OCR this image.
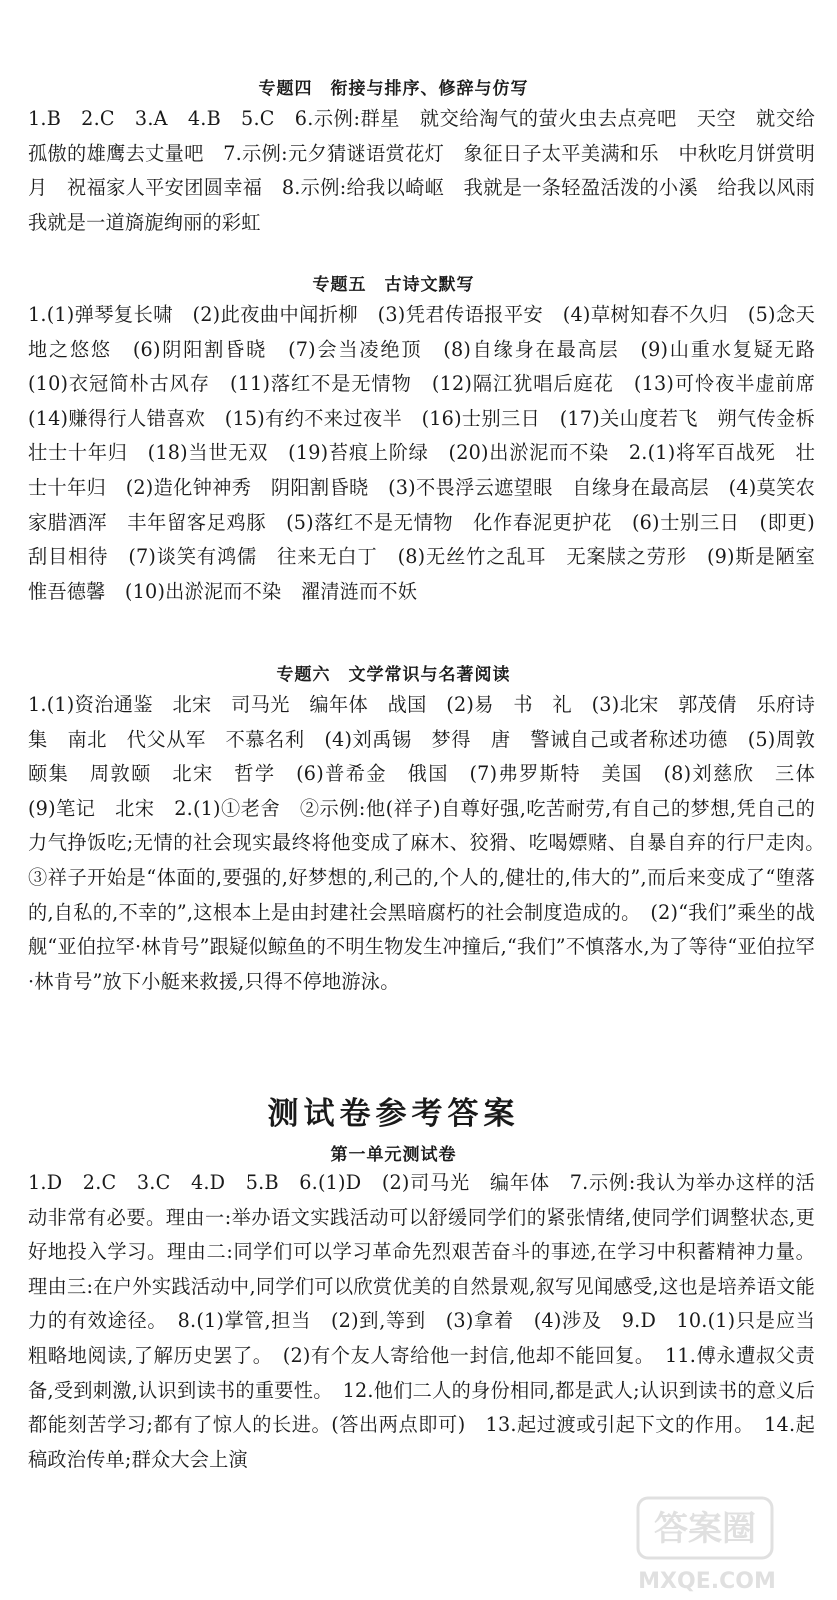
专题四　衔接与排序、修辞与仿写

1.B　2.C　3.A　4.B　5.C　6.示例:群星　就交给淘气的萤火虫去点亮吧　天空　就交给孤傲的雄鹰去丈量吧　7.示例:元夕猜谜语赏花灯　象征日子太平美满和乐　中秋吃月饼赏明月　祝福家人平安团圆幸福　8.示例:给我以崎岖　我就是一条轻盈活泼的小溪　给我以风雨　我就是一道旖旎绚丽的彩虹

专题五　古诗文默写

1.(1)弹琴复长啸　(2)此夜曲中闻折柳　(3)凭君传语报平安　(4)草树知春不久归　(5)念天地之悠悠　(6)阴阳割昏晓　(7)会当凌绝顶　(8)自缘身在最高层　(9)山重水复疑无路　(10)衣冠简朴古风存　(11)落红不是无情物　(12)隔江犹唱后庭花　(13)可怜夜半虚前席　(14)赚得行人错喜欢　(15)有约不来过夜半　(16)士别三日　(17)关山度若飞　朔气传金柝　壮士十年归　(18)当世无双　(19)苔痕上阶绿　(20)出淤泥而不染　2.(1)将军百战死　壮士十年归　(2)造化钟神秀　阴阳割昏晓　(3)不畏浮云遮望眼　自缘身在最高层　(4)莫笑农家腊酒浑　丰年留客足鸡豚　(5)落红不是无情物　化作春泥更护花　(6)士别三日　(即更)刮目相待　(7)谈笑有鸿儒　往来无白丁　(8)无丝竹之乱耳　无案牍之劳形　(9)斯是陋室　惟吾德馨　(10)出淤泥而不染　濯清涟而不妖

专题六　文学常识与名著阅读

1.(1)资治通鉴　北宋　司马光　编年体　战国　(2)易　书　礼　(3)北宋　郭茂倩　乐府诗集　南北　代父从军　不慕名利　(4)刘禹锡　梦得　唐　警诫自己或者称述功德　(5)周敦颐集　周敦颐　北宋　哲学　(6)普希金　俄国　(7)弗罗斯特　美国　(8)刘慈欣　三体　(9)笔记　北宋　2.(1)①老舍　②示例:他(祥子)自尊好强,吃苦耐劳,有自己的梦想,凭自己的力气挣饭吃;无情的社会现实最终将他变成了麻木、狡猾、吃喝嫖赌、自暴自弃的行尸走肉。　③祥子开始是“体面的,要强的,好梦想的,利己的,个人的,健壮的,伟大的”,而后来变成了“堕落的,自私的,不幸的”,这根本上是由封建社会黑暗腐朽的社会制度造成的。　(2)“我们”乘坐的战舰“亚伯拉罕·林肯号”跟疑似鲸鱼的不明生物发生冲撞后,“我们”不慎落水,为了等待“亚伯拉罕·林肯号”放下小艇来救援,只得不停地游泳。

测试卷参考答案
第一单元测试卷

1.D　2.C　3.C　4.D　5.B　6.(1)D　(2)司马光　编年体　7.示例:我认为举办这样的活动非常有必要。理由一:举办语文实践活动可以舒缓同学们的紧张情绪,使同学们调整状态,更好地投入学习。理由二:同学们可以学习革命先烈艰苦奋斗的事迹,在学习中积蓄精神力量。理由三:在户外实践活动中,同学们可以欣赏优美的自然景观,叙写见闻感受,这也是培养语文能力的有效途径。　8.(1)掌管,担当　(2)到,等到　(3)拿着　(4)涉及　9.D　10.(1)只是应当粗略地阅读,了解历史罢了。　(2)有个友人寄给他一封信,他却不能回复。　11.傅永遭叔父责备,受到刺激,认识到读书的重要性。　12.他们二人的身份相同,都是武人;认识到读书的意义后都能刻苦学习;都有了惊人的长进。(答出两点即可)　13.起过渡或引起下文的作用。　14.起稿政治传单;群众大会上演

答案圈
MXQE.COM
